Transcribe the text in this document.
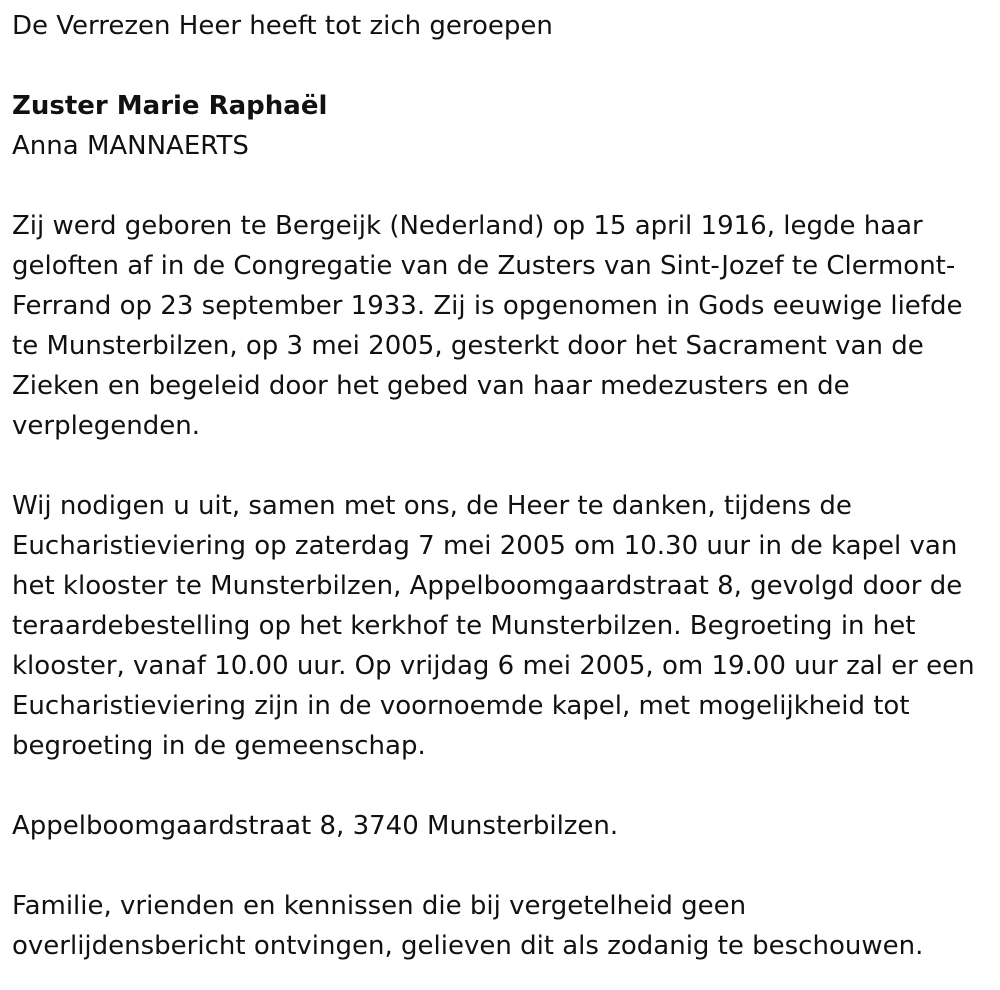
De Verrezen Heer heeft tot zich geroepen

Zuster Marie Raphaël

Anna MANNAERTS

Zij werd geboren te Bergeijk (Nederland) op 15 april 1916, legde haar

geloften af in de Congregatie van de Zusters van Sint-Jozef te Clermont-

Ferrand op 23 september 1933. Zij is opgenomen in Gods eeuwige liefde

te Munsterbilzen, op 3 mei 2005, gesterkt door het Sacrament van de

Zieken en begeleid door het gebed van haar medezusters en de

verplegenden.

Wij nodigen u uit, samen met ons, de Heer te danken, tijdens de

Eucharistieviering op zaterdag 7 mei 2005 om 10.30 uur in de kapel van

het klooster te Munsterbilzen, Appelboomgaardstraat 8, gevolgd door de

teraardebestelling op het kerkhof te Munsterbilzen. Begroeting in het

klooster, vanaf 10.00 uur. Op vrijdag 6 mei 2005, om 19.00 uur zal er een

Eucharistieviering zijn in de voornoemde kapel, met mogelijkheid tot

begroeting in de gemeenschap.

Appelboomgaardstraat 8, 3740 Munsterbilzen.

Familie, vrienden en kennissen die bij vergetelheid geen

overlijdensbericht ontvingen, gelieven dit als zodanig te beschouwen.
